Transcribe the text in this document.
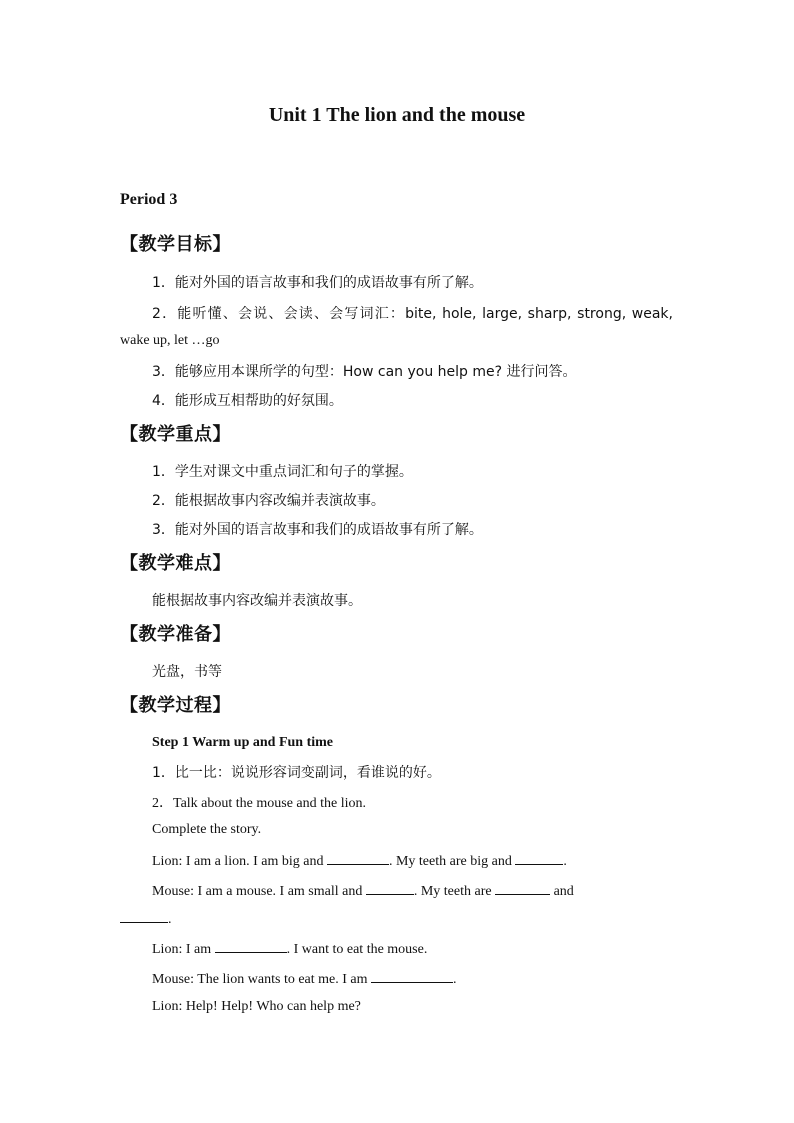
Unit 1 The lion and the mouse
Period 3
【教学目标】
1．能对外国的语言故事和我们的成语故事有所了解。
2．能听懂、会说、会读、会写词汇：bite, hole, large, sharp, strong, weak,
wake up, let …go
3．能够应用本课所学的句型：How can you help me? 进行问答。
4．能形成互相帮助的好氛围。
【教学重点】
1．学生对课文中重点词汇和句子的掌握。
2．能根据故事内容改编并表演故事。
3．能对外国的语言故事和我们的成语故事有所了解。
【教学难点】
能根据故事内容改编并表演故事。
【教学准备】
光盘，书等
【教学过程】
Step 1 Warm up and Fun time
1．比一比：说说形容词变副词，看谁说的好。
2．Talk about the mouse and the lion.
Complete the story.
Lion: I am a lion. I am big and	. My teeth are big and	.
Mouse: I am a mouse. I am small and	. My teeth are	and
.
Lion: I am	. I want to eat the mouse.
Mouse: The lion wants to eat me. I am	.
Lion: Help! Help! Who can help me?
